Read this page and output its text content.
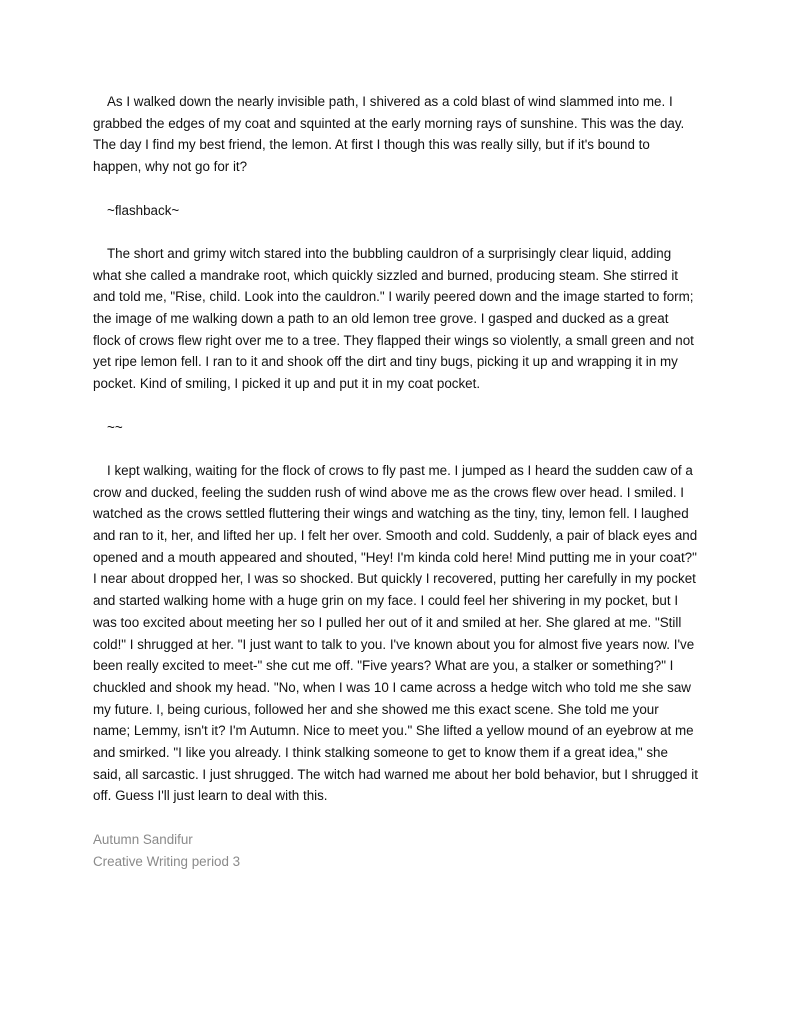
As I walked down the nearly invisible path, I shivered as a cold blast of wind slammed into me. I grabbed the edges of my coat and squinted at the early morning rays of sunshine. This was the day. The day I find my best friend, the lemon. At first I though this was really silly, but if it's bound to happen, why not go for it?

~flashback~

The short and grimy witch stared into the bubbling cauldron of a surprisingly clear liquid, adding what she called a mandrake root, which quickly sizzled and burned, producing steam. She stirred it and told me, "Rise, child. Look into the cauldron." I warily peered down and the image started to form; the image of me walking down a path to an old lemon tree grove. I gasped and ducked as a great flock of crows flew right over me to a tree. They flapped their wings so violently, a small green and not yet ripe lemon fell. I ran to it and shook off the dirt and tiny bugs, picking it up and wrapping it in my pocket. Kind of smiling, I picked it up and put it in my coat pocket.

~~

I kept walking, waiting for the flock of crows to fly past me. I jumped as I heard the sudden caw of a crow and ducked, feeling the sudden rush of wind above me as the crows flew over head. I smiled. I watched as the crows settled fluttering their wings and watching as the tiny, tiny, lemon fell. I laughed and ran to it, her, and lifted her up. I felt her over. Smooth and cold. Suddenly, a pair of black eyes and opened and a mouth appeared and shouted, "Hey! I'm kinda cold here! Mind putting me in your coat?" I near about dropped her, I was so shocked. But quickly I recovered, putting her carefully in my pocket and started walking home with a huge grin on my face. I could feel her shivering in my pocket, but I was too excited about meeting her so I pulled her out of it and smiled at her. She glared at me. "Still cold!" I shrugged at her. "I just want to talk to you. I've known about you for almost five years now. I've been really excited to meet-" she cut me off. "Five years? What are you, a stalker or something?" I chuckled and shook my head. "No, when I was 10 I came across a hedge witch who told me she saw my future. I, being curious, followed her and she showed me this exact scene. She told me your name; Lemmy, isn't it? I'm Autumn. Nice to meet you." She lifted a yellow mound of an eyebrow at me and smirked. "I like you already. I think stalking someone to get to know them if a great idea," she said, all sarcastic. I just shrugged. The witch had warned me about her bold behavior, but I shrugged it off. Guess I'll just learn to deal with this.

Autumn Sandifur
Creative Writing period 3
